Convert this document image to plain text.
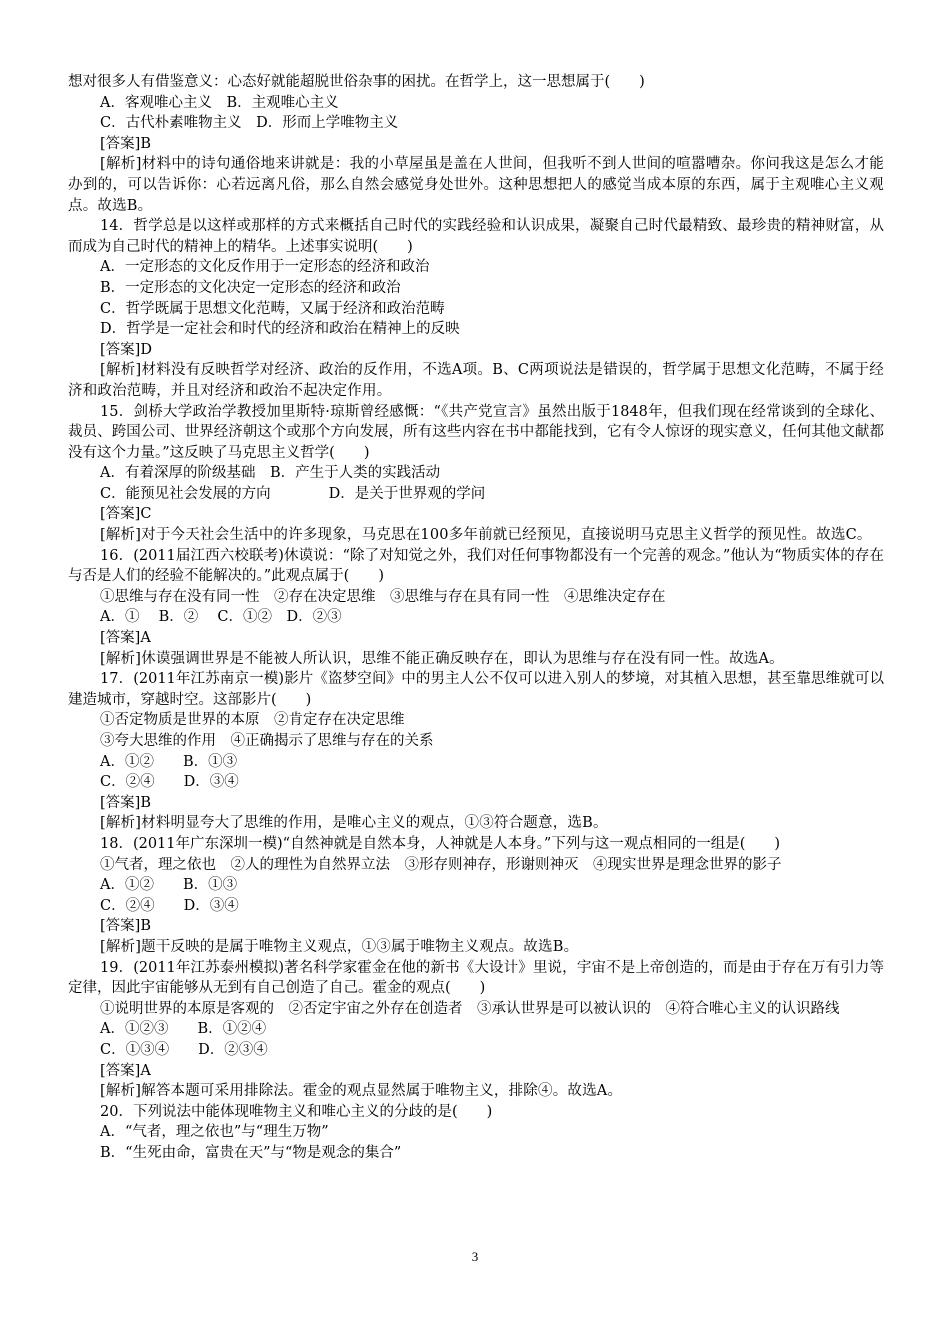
想对很多人有借鉴意义：心态好就能超脱世俗杂事的困扰。在哲学上，这一思想属于(　　)

A．客观唯心主义　B．主观唯心主义

C．古代朴素唯物主义　D．形而上学唯物主义

[答案]B

[解析]材料中的诗句通俗地来讲就是：我的小草屋虽是盖在人世间，但我听不到人世间的喧嚣嘈杂。你问我这是怎么才能办到的，可以告诉你：心若远离凡俗，那么自然会感觉身处世外。这种思想把人的感觉当成本原的东西，属于主观唯心主义观点。故选B。

14．哲学总是以这样或那样的方式来概括自己时代的实践经验和认识成果，凝聚自己时代最精致、最珍贵的精神财富，从而成为自己时代的精神上的精华。上述事实说明(　　)

A．一定形态的文化反作用于一定形态的经济和政治

B．一定形态的文化决定一定形态的经济和政治

C．哲学既属于思想文化范畴，又属于经济和政治范畴

D．哲学是一定社会和时代的经济和政治在精神上的反映

[答案]D

[解析]材料没有反映哲学对经济、政治的反作用，不选A项。B、C两项说法是错误的，哲学属于思想文化范畴，不属于经济和政治范畴，并且对经济和政治不起决定作用。

15．剑桥大学政治学教授加里斯特·琼斯曾经感慨：“《共产党宣言》虽然出版于1848年，但我们现在经常谈到的全球化、裁员、跨国公司、世界经济朝这个或那个方向发展，所有这些内容在书中都能找到，它有令人惊讶的现实意义，任何其他文献都没有这个力量。”这反映了马克思主义哲学(　　)

A．有着深厚的阶级基础　B．产生于人类的实践活动

C．能预见社会发展的方向　　　　D．是关于世界观的学问

[答案]C

[解析]对于今天社会生活中的许多现象，马克思在100多年前就已经预见，直接说明马克思主义哲学的预见性。故选C。

16．(2011届江西六校联考)休谟说：“除了对知觉之外，我们对任何事物都没有一个完善的观念。”他认为“物质实体的存在与否是人们的经验不能解决的。”此观点属于(　　)

①思维与存在没有同一性　②存在决定思维　③思维与存在具有同一性　④思维决定存在

A．①　 B．②　 C．①②　D．②③

[答案]A

[解析]休谟强调世界是不能被人所认识，思维不能正确反映存在，即认为思维与存在没有同一性。故选A。

17．(2011年江苏南京一模)影片《盗梦空间》中的男主人公不仅可以进入别人的梦境，对其植入思想，甚至靠思维就可以建造城市，穿越时空。这部影片(　　)

①否定物质是世界的本原　②肯定存在决定思维

③夸大思维的作用　④正确揭示了思维与存在的关系

A．①②　　B．①③

C．②④　　D．③④

[答案]B

[解析]材料明显夸大了思维的作用，是唯心主义的观点，①③符合题意，选B。

18．(2011年广东深圳一模)“自然神就是自然本身，人神就是人本身。”下列与这一观点相同的一组是(　　)

①气者，理之依也　②人的理性为自然界立法　③形存则神存，形谢则神灭　④现实世界是理念世界的影子

A．①②　　B．①③

C．②④　　D．③④

[答案]B

[解析]题干反映的是属于唯物主义观点，①③属于唯物主义观点。故选B。

19．(2011年江苏泰州模拟)著名科学家霍金在他的新书《大设计》里说，宇宙不是上帝创造的，而是由于存在万有引力等定律，因此宇宙能够从无到有自己创造了自己。霍金的观点(　　)

①说明世界的本原是客观的　②否定宇宙之外存在创造者　③承认世界是可以被认识的　④符合唯心主义的认识路线

A．①②③　　B．①②④

C．①③④　　D．②③④

[答案]A

[解析]解答本题可采用排除法。霍金的观点显然属于唯物主义，排除④。故选A。

20．下列说法中能体现唯物主义和唯心主义的分歧的是(　　)

A．“气者，理之依也”与“理生万物”

B．“生死由命，富贵在天”与“物是观念的集合”

3
